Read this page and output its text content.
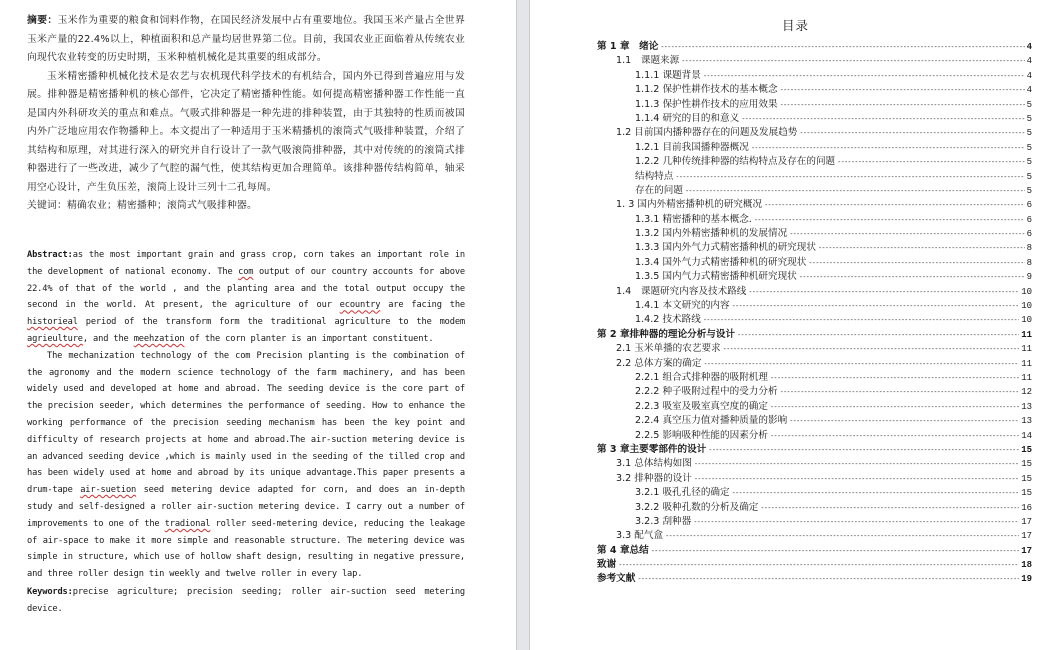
摘要：玉米作为重要的粮食和饲料作物，在国民经济发展中占有重要地位。我国玉米产量占全世界玉米产量的22.4%以上，种植面积和总产量均居世界第二位。目前，我国农业正面临着从传统农业向现代农业转变的历史时期，玉米种植机械化是其重要的组成部分。

玉米精密播种机械化技术是农艺与农机现代科学技术的有机结合，国内外已得到普遍应用与发展。排种器是精密播种机的核心部件，它决定了精密播种性能。如何提高精密播种器工作性能一直是国内外科研攻关的重点和难点。气吸式排种器是一种先进的排种装置，由于其独特的性质而被国内外广泛地应用农作物播种上。本文提出了一种适用于玉米精播机的滚筒式气吸排种装置，介绍了其结构和原理，对其进行深入的研究并自行设计了一款气吸滚筒排种器，其中对传统的的滚筒式排种器进行了一些改进，减少了气腔的漏气性，使其结构更加合理简单。该排种器传结构简单，轴采用空心设计，产生负压差，滚筒上设计三列十二孔每周。

关键词：精确农业；精密播种；滚筒式气吸排种器。

Abstract:as the most important grain and grass crop, corn takes an important role in the development of national economy. The com output of our country accounts for above 22.4% of that of the world , and the planting area and the total output occupy the second in the world. At present, the agriculture of our ecountry are facing the historieal period of the transform form the traditional agriculture to the modem agrieulture, and the meehzation of the corn planter is an important constituent.

The mechanization technology of the com Precision planting is the combination of the agronomy and the modern science technology of the farm machinery, and has been widely used and developed at home and abroad. The seeding device is the core part of the precision seeder, which determines the performance of seeding. How to enhance the working performance of the precision seeding mechanism has been the key point and difficulty of research projects at home and abroad.The air-suction metering device is an advanced seeding device ,which is mainly used in the seeding of the tilled crop and has been widely used at home and abroad by its unique advantage.This paper presents a drum-tape air-suetion seed metering device adapted for corn, and does an in-depth study and self-designed a roller air-suction metering device. I carry out a number of improvements to one of the tradional roller seed-metering device, reducing the leakage of air-space to make it more simple and reasonable structure. The metering device was simple in structure, which use of hollow shaft design, resulting in negative pressure, and three roller design tin weekly and twelve roller in every lap.

Keywords:precise agriculture; precision seeding; roller air-suction seed metering device.

目录
第 1 章　绪论 -----	4
1.1　课题来源 -----	4
1.1.1 课题背景 -----	4
1.1.2 保护性耕作技术的基本概念 -----	4
1.1.3 保护性耕作技术的应用效果 -----	5
1.1.4 研究的目的和意义 -----	5
1.2 目前国内播种器存在的问题及发展趋势 -----	5
1.2.1 目前我国播种器概况 -----	5
1.2.2 几种传统排种器的结构特点及存在的问题 -----	5
结构特点 -----	5
存在的问题 -----	5
1. 3 国内外精密播种机的研究概况 -----	6
1.3.1 精密播种的基本概念. -----	6
1.3.2 国内外精密播种机的发展情况 -----	6
1.3.3 国内外气力式精密播种机的研究现状 -----	8
1.3.4 国外气力式精密播种机的研究现状 -----	8
1.3.5 国内气力式精密播种机研究现状 -----	9
1.4　课题研究内容及技术路线 -----	10
1.4.1 本文研究的内容 -----	10
1.4.2 技术路线 -----	10
第 2 章排种器的理论分析与设计 -----	11
2.1 玉米单播的农艺要求 -----	11
2.2 总体方案的确定 -----	11
2.2.1 组合式排种器的吸附机理 -----	11
2.2.2 种子吸附过程中的受力分析 -----	12
2.2.3 吸室及吸室真空度的确定 -----	13
2.2.4 真空压力值对播种质量的影响 -----	13
2.2.5 影响吸种性能的因素分析 -----	14
第 3 章主要零部件的设计 -----	15
3.1 总体结构如图 -----	15
3.2 排种器的设计 -----	15
3.2.1 吸孔孔径的确定 -----	15
3.2.2 吸种孔数的分析及确定 -----	16
3.2.3 刮种器 -----	17
3.3 配气盒 -----	17
第 4 章总结 -----	17
致谢 -----	18
参考文献 -----	19
